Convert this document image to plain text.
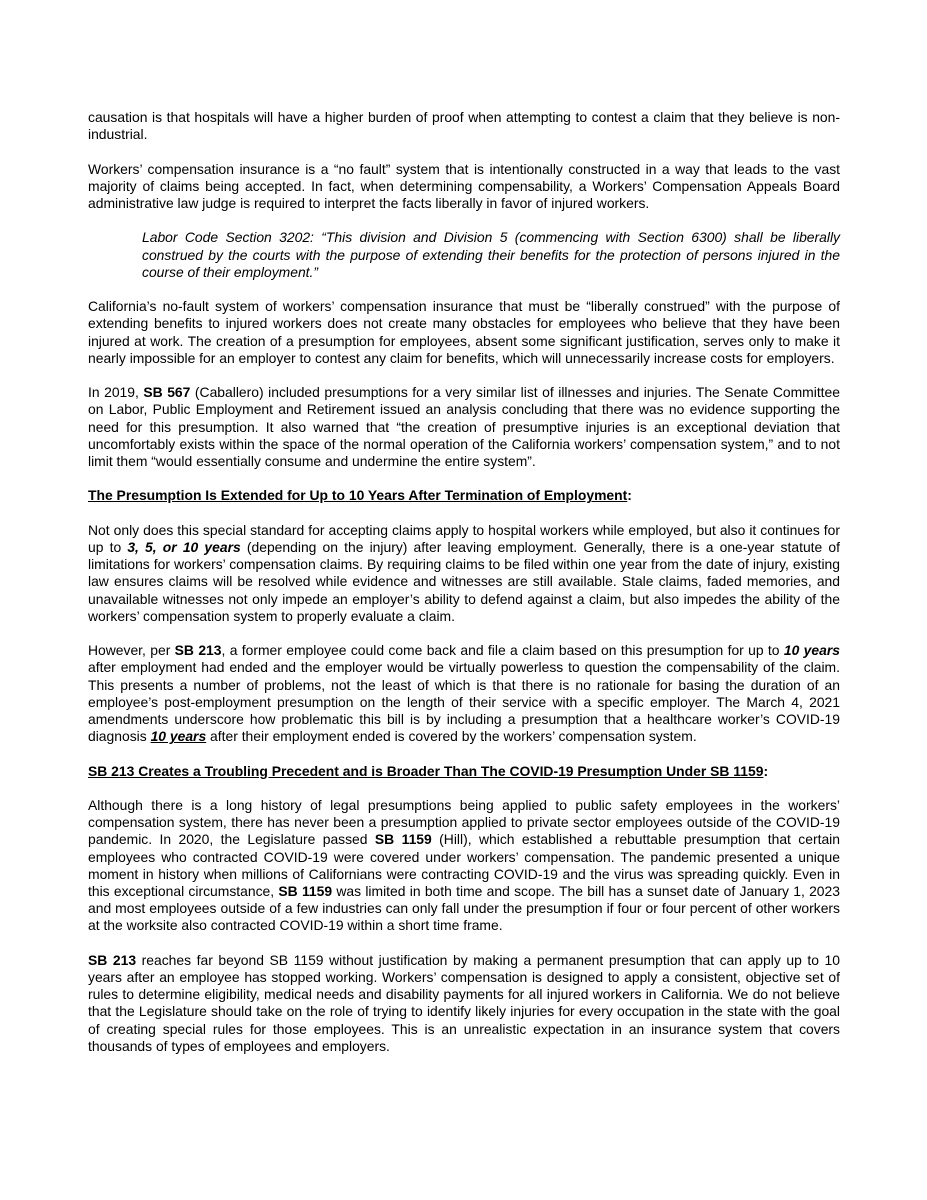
causation is that hospitals will have a higher burden of proof when attempting to contest a claim that they believe is non-industrial.

Workers’ compensation insurance is a “no fault” system that is intentionally constructed in a way that leads to the vast majority of claims being accepted. In fact, when determining compensability, a Workers’ Compensation Appeals Board administrative law judge is required to interpret the facts liberally in favor of injured workers.

Labor Code Section 3202: “This division and Division 5 (commencing with Section 6300) shall be liberally construed by the courts with the purpose of extending their benefits for the protection of persons injured in the course of their employment.”

California’s no-fault system of workers’ compensation insurance that must be “liberally construed” with the purpose of extending benefits to injured workers does not create many obstacles for employees who believe that they have been injured at work. The creation of a presumption for employees, absent some significant justification, serves only to make it nearly impossible for an employer to contest any claim for benefits, which will unnecessarily increase costs for employers.

In 2019, SB 567 (Caballero) included presumptions for a very similar list of illnesses and injuries. The Senate Committee on Labor, Public Employment and Retirement issued an analysis concluding that there was no evidence supporting the need for this presumption. It also warned that “the creation of presumptive injuries is an exceptional deviation that uncomfortably exists within the space of the normal operation of the California workers’ compensation system,” and to not limit them “would essentially consume and undermine the entire system”.

The Presumption Is Extended for Up to 10 Years After Termination of Employment:

Not only does this special standard for accepting claims apply to hospital workers while employed, but also it continues for up to 3, 5, or 10 years (depending on the injury) after leaving employment. Generally, there is a one-year statute of limitations for workers’ compensation claims. By requiring claims to be filed within one year from the date of injury, existing law ensures claims will be resolved while evidence and witnesses are still available. Stale claims, faded memories, and unavailable witnesses not only impede an employer’s ability to defend against a claim, but also impedes the ability of the workers’ compensation system to properly evaluate a claim.

However, per SB 213, a former employee could come back and file a claim based on this presumption for up to 10 years after employment had ended and the employer would be virtually powerless to question the compensability of the claim. This presents a number of problems, not the least of which is that there is no rationale for basing the duration of an employee’s post-employment presumption on the length of their service with a specific employer. The March 4, 2021 amendments underscore how problematic this bill is by including a presumption that a healthcare worker’s COVID-19 diagnosis 10 years after their employment ended is covered by the workers’ compensation system.

SB 213 Creates a Troubling Precedent and is Broader Than The COVID-19 Presumption Under SB 1159:

Although there is a long history of legal presumptions being applied to public safety employees in the workers’ compensation system, there has never been a presumption applied to private sector employees outside of the COVID-19 pandemic. In 2020, the Legislature passed SB 1159 (Hill), which established a rebuttable presumption that certain employees who contracted COVID-19 were covered under workers’ compensation. The pandemic presented a unique moment in history when millions of Californians were contracting COVID-19 and the virus was spreading quickly. Even in this exceptional circumstance, SB 1159 was limited in both time and scope. The bill has a sunset date of January 1, 2023 and most employees outside of a few industries can only fall under the presumption if four or four percent of other workers at the worksite also contracted COVID-19 within a short time frame.

SB 213 reaches far beyond SB 1159 without justification by making a permanent presumption that can apply up to 10 years after an employee has stopped working. Workers’ compensation is designed to apply a consistent, objective set of rules to determine eligibility, medical needs and disability payments for all injured workers in California. We do not believe that the Legislature should take on the role of trying to identify likely injuries for every occupation in the state with the goal of creating special rules for those employees. This is an unrealistic expectation in an insurance system that covers thousands of types of employees and employers.
